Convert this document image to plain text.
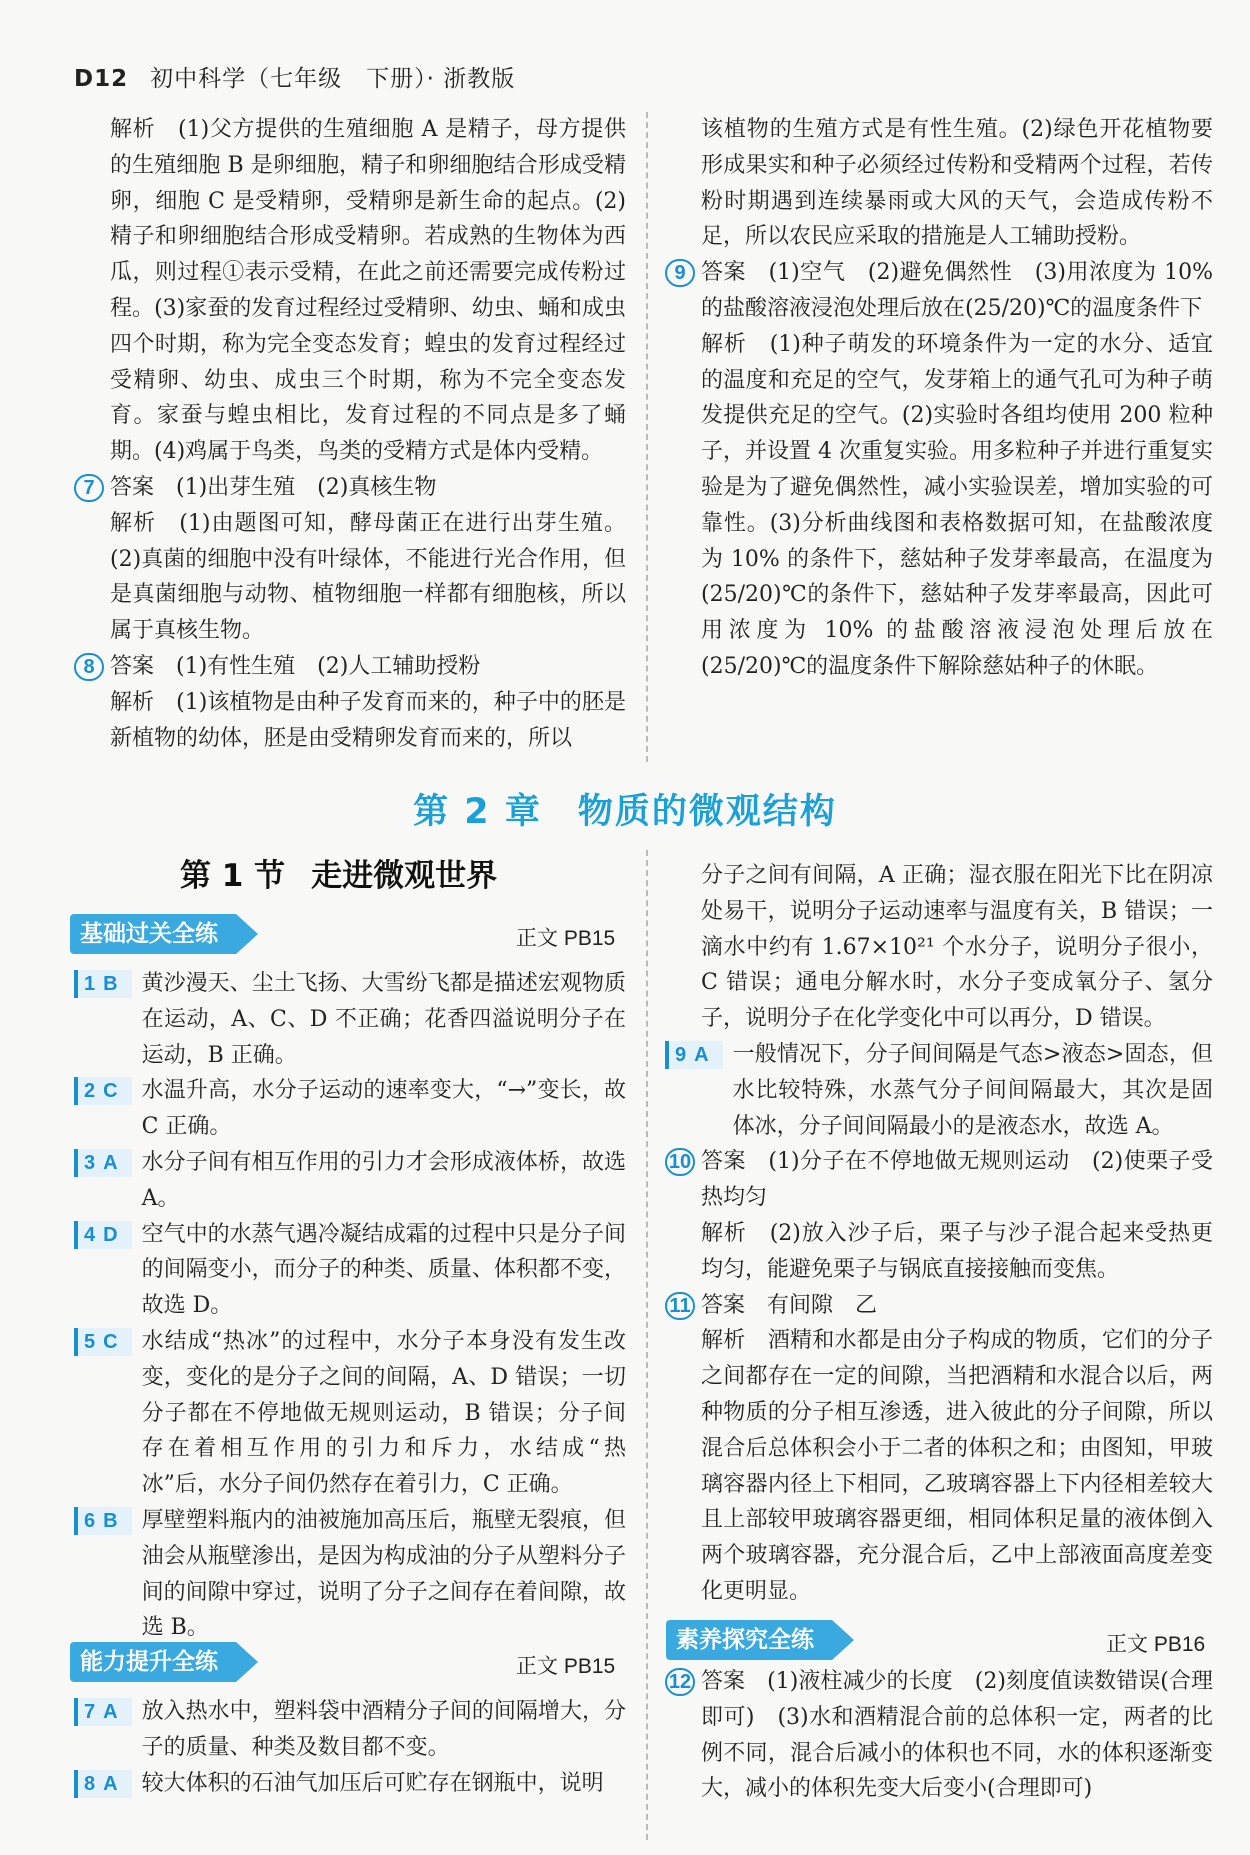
D12 初中科学（七年级　下册）· 浙教版

解析　(1)父方提供的生殖细胞 A 是精子，母方提供的生殖细胞 B 是卵细胞，精子和卵细胞结合形成受精卵，细胞 C 是受精卵，受精卵是新生命的起点。(2)精子和卵细胞结合形成受精卵。若成熟的生物体为西瓜，则过程①表示受精，在此之前还需要完成传粉过程。(3)家蚕的发育过程经过受精卵、幼虫、蛹和成虫四个时期，称为完全变态发育；蝗虫的发育过程经过受精卵、幼虫、成虫三个时期，称为不完全变态发育。家蚕与蝗虫相比，发育过程的不同点是多了蛹期。(4)鸡属于鸟类，鸟类的受精方式是体内受精。

7 答案　(1)出芽生殖　(2)真核生物

解析　(1)由题图可知，酵母菌正在进行出芽生殖。(2)真菌的细胞中没有叶绿体，不能进行光合作用，但是真菌细胞与动物、植物细胞一样都有细胞核，所以属于真核生物。

8 答案　(1)有性生殖　(2)人工辅助授粉

解析　(1)该植物是由种子发育而来的，种子中的胚是新植物的幼体，胚是由受精卵发育而来的，所以

该植物的生殖方式是有性生殖。(2)绿色开花植物要形成果实和种子必须经过传粉和受精两个过程，若传粉时期遇到连续暴雨或大风的天气，会造成传粉不足，所以农民应采取的措施是人工辅助授粉。

9 答案　(1)空气　(2)避免偶然性　(3)用浓度为 10% 的盐酸溶液浸泡处理后放在(25/20)℃的温度条件下

解析　(1)种子萌发的环境条件为一定的水分、适宜的温度和充足的空气，发芽箱上的通气孔可为种子萌发提供充足的空气。(2)实验时各组均使用 200 粒种子，并设置 4 次重复实验。用多粒种子并进行重复实验是为了避免偶然性，减小实验误差，增加实验的可靠性。(3)分析曲线图和表格数据可知，在盐酸浓度为 10% 的条件下，慈姑种子发芽率最高，在温度为(25/20)℃的条件下，慈姑种子发芽率最高，因此可用浓度为 10% 的盐酸溶液浸泡处理后放在(25/20)℃的温度条件下解除慈姑种子的休眠。

第 2 章 物质的微观结构
第 1 节 走进微观世界
基础过关全练	正文 PB15
1B 黄沙漫天、尘土飞扬、大雪纷飞都是描述宏观物质在运动，A、C、D 不正确；花香四溢说明分子在运动，B 正确。
2C 水温升高，水分子运动的速率变大，“→”变长，故 C 正确。
3A 水分子间有相互作用的引力才会形成液体桥，故选 A。
4D 空气中的水蒸气遇冷凝结成霜的过程中只是分子间的间隔变小，而分子的种类、质量、体积都不变，故选 D。
5C 水结成“热冰”的过程中，水分子本身没有发生改变，变化的是分子之间的间隔，A、D 错误；一切分子都在不停地做无规则运动，B 错误；分子间存在着相互作用的引力和斥力，水结成“热冰”后，水分子间仍然存在着引力，C 正确。
6B 厚壁塑料瓶内的油被施加高压后，瓶壁无裂痕，但油会从瓶壁渗出，是因为构成油的分子从塑料分子间的间隙中穿过，说明了分子之间存在着间隙，故选 B。
能力提升全练	正文 PB15
7A 放入热水中，塑料袋中酒精分子间的间隔增大，分子的质量、种类及数目都不变。
8A 较大体积的石油气加压后可贮存在钢瓶中，说明

分子之间有间隔，A 正确；湿衣服在阳光下比在阴凉处易干，说明分子运动速率与温度有关，B 错误；一滴水中约有 1.67×10²¹ 个水分子，说明分子很小，C 错误；通电分解水时，水分子变成氧分子、氢分子，说明分子在化学变化中可以再分，D 错误。

9A 一般情况下，分子间间隔是气态>液态>固态，但水比较特殊，水蒸气分子间间隔最大，其次是固体冰，分子间间隔最小的是液态水，故选 A。
10 答案　(1)分子在不停地做无规则运动　(2)使栗子受热均匀

解析　(2)放入沙子后，栗子与沙子混合起来受热更均匀，能避免栗子与锅底直接接触而变焦。

11 答案　有间隙　乙

解析　酒精和水都是由分子构成的物质，它们的分子之间都存在一定的间隙，当把酒精和水混合以后，两种物质的分子相互渗透，进入彼此的分子间隙，所以混合后总体积会小于二者的体积之和；由图知，甲玻璃容器内径上下相同，乙玻璃容器上下内径相差较大且上部较甲玻璃容器更细，相同体积足量的液体倒入两个玻璃容器，充分混合后，乙中上部液面高度差变化更明显。

素养探究全练	正文 PB16
12 答案　(1)液柱减少的长度　(2)刻度值读数错误(合理即可)　(3)水和酒精混合前的总体积一定，两者的比例不同，混合后减小的体积也不同，水的体积逐渐变大，减小的体积先变大后变小(合理即可)
